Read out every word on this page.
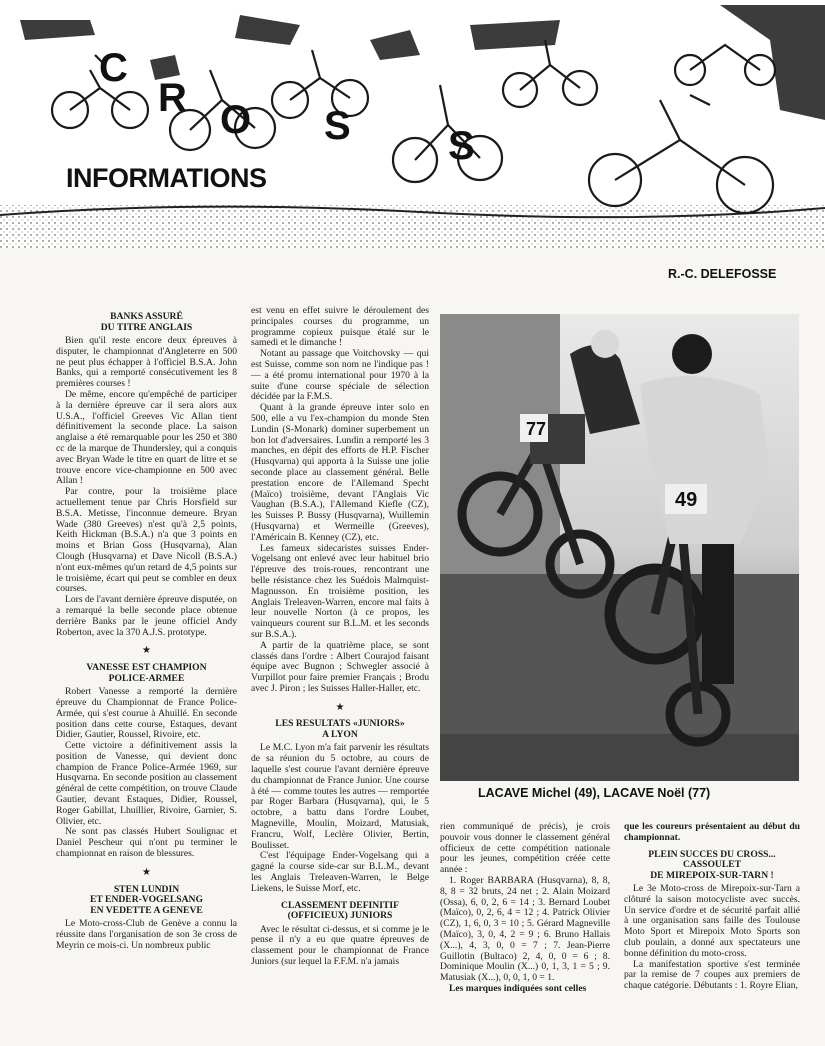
C
R O S S
INFORMATIONS
R.-C. DELEFOSSE
BANKS ASSURÉ
DU TITRE ANGLAIS

Bien qu'il reste encore deux épreuves à disputer, le championnat d'Angleterre en 500 ne peut plus échapper à l'officiel B.S.A. John Banks, qui a remporté consécutivement les 8 premières courses !

De même, encore qu'empêché de participer à la dernière épreuve car il sera alors aux U.S.A., l'officiel Greeves Vic Allan tient définitivement la seconde place. La saison anglaise a été remarquable pour les 250 et 380 cc de la marque de Thundersley, qui a conquis avec Bryan Wade le titre en quart de litre et se trouve encore vice-championne en 500 avec Allan !

Par contre, pour la troisième place actuellement tenue par Chris Horsfield sur B.S.A. Metisse, l'inconnue demeure. Bryan Wade (380 Greeves) n'est qu'à 2,5 points, Keith Hickman (B.S.A.) n'a que 3 points en moins et Brian Goss (Husqvarna), Alan Clough (Husqvarna) et Dave Nicoll (B.S.A.) n'ont eux-mêmes qu'un retard de 4,5 points sur le troisième, écart qui peut se combler en deux courses.

Lors de l'avant dernière épreuve disputée, on a remarqué la belle seconde place obtenue derrière Banks par le jeune officiel Andy Roberton, avec la 370 A.J.S. prototype.

★
VANESSE EST CHAMPION
POLICE-ARMEE

Robert Vanesse a remporté la dernière épreuve du Championnat de France Police-Armée, qui s'est courue à Ahuillé. En seconde position dans cette course, Estaques, devant Didier, Gautier, Roussel, Rivoire, etc.

Cette victoire a définitivement assis la position de Vanesse, qui devient donc champion de France Police-Armée 1969, sur Husqvarna. En seconde position au classement général de cette compétition, on trouve Claude Gautier, devant Estaques, Didier, Roussel, Roger Gabillat, Lhuillier, Rivoire, Garnier, S. Olivier, etc.

Ne sont pas classés Hubert Soulignac et Daniel Pescheur qui n'ont pu terminer le championnat en raison de blessures.

★
STEN LUNDIN
ET ENDER-VOGELSANG
EN VEDETTE A GENEVE

Le Moto-cross-Club de Genève a connu la réussite dans l'organisation de son 3e cross de Meyrin ce mois-ci. Un nombreux public

est venu en effet suivre le déroulement des principales courses du programme, un programme copieux puisque étalé sur le samedi et le dimanche !

Notant au passage que Voitchovsky — qui est Suisse, comme son nom ne l'indique pas ! — a été promu international pour 1970 à la suite d'une course spéciale de sélection décidée par la F.M.S.

Quant à la grande épreuve inter solo en 500, elle a vu l'ex-champion du monde Sten Lundin (S-Monark) dominer superbement un bon lot d'adversaires. Lundin a remporté les 3 manches, en dépit des efforts de H.P. Fischer (Husqvarna) qui apporta à la Suisse une jolie seconde place au classement général. Belle prestation encore de l'Allemand Specht (Maïco) troisième, devant l'Anglais Vic Vaughan (B.S.A.), l'Allemand Kiefle (CZ), les Suisses P. Bussy (Husqvarna), Wuillemin (Husqvarna) et Wermeille (Greeves), l'Américain B. Kenney (CZ), etc.

Les fameux sidecaristes suisses Ender-Vogelsang ont enlevé avec leur habituel brio l'épreuve des trois-roues, rencontrant une belle résistance chez les Suédois Malmquist-Magnusson. En troisième position, les Anglais Treleaven-Warren, encore mal faits à leur nouvelle Norton (à ce propos, les vainqueurs courent sur B.L.M. et les seconds sur B.S.A.).

A partir de la quatrième place, se sont classés dans l'ordre : Albert Courajod faisant équipe avec Bugnon ; Schwegler associé à Vurpillot pour faire premier Français ; Brodu avec J. Piron ; les Suisses Haller-Haller, etc.

★
LES RESULTATS «JUNIORS»
A LYON

Le M.C. Lyon m'a fait parvenir les résultats de sa réunion du 5 octobre, au cours de laquelle s'est courue l'avant dernière épreuve du championnat de France Junior. Une course à été — comme toutes les autres — remportée par Roger Barbara (Husqvarna), qui, le 5 octobre, a battu dans l'ordre Loubet, Magneville, Moulin, Moizard, Matusiak, Francru, Wolf, Leclère Olivier, Bertin, Boulisset.

C'est l'équipage Ender-Vogelsang qui a gagné la course side-car sur B.L.M., devant les Anglais Treleaven-Warren, le Belge Liekens, le Suisse Morf, etc.

CLASSEMENT DEFINITIF
(OFFICIEUX) JUNIORS

Avec le résultat ci-dessus, et si comme je le pense il n'y a eu que quatre épreuves de classement pour le championnat de France Juniors (sur lequel la F.F.M. n'a jamais

77
49
LACAVE Michel (49), LACAVE Noël (77)

rien communiqué de précis), je crois pouvoir vous donner le classement général officieux de cette compétition nationale pour les jeunes, compétition créée cette année :

1. Roger BARBARA (Husqvarna), 8, 8, 8, 8 = 32 bruts, 24 net ; 2. Alain Moizard (Ossa), 6, 0, 2, 6 = 14 ; 3. Bernard Loubet (Maïco), 0, 2, 6, 4 = 12 ; 4. Patrick Olivier (CZ), 1, 6, 0, 3 = 10 ; 5. Gérard Magneville (Maïco), 3, 0, 4, 2 = 9 ; 6. Bruno Hallais (X...), 4, 3, 0, 0 = 7 ; 7. Jean-Pierre Guillotin (Bultaco) 2, 4, 0, 0 = 6 ; 8. Dominique Moulin (X...) 0, 1, 3, 1 = 5 ; 9. Matusiak (X...), 0, 0, 1, 0 = 1.

Les marques indiquées sont celles

que les coureurs présentaient au début du championnat.

PLEIN SUCCES DU CROSS...
CASSOULET
DE MIREPOIX-SUR-TARN !

Le 3e Moto-cross de Mirepoix-sur-Tarn a clôturé la saison motocycliste avec succès. Un service d'ordre et de sécurité parfait allié à une organisation sans faille des Toulouse Moto Sport et Mirepoix Moto Sports son club poulain, a donné aux spectateurs une bonne définition du moto-cross.

La manifestation sportive s'est terminée par la remise de 7 coupes aux premiers de chaque catégorie. Débutants : 1. Royre Elian,
